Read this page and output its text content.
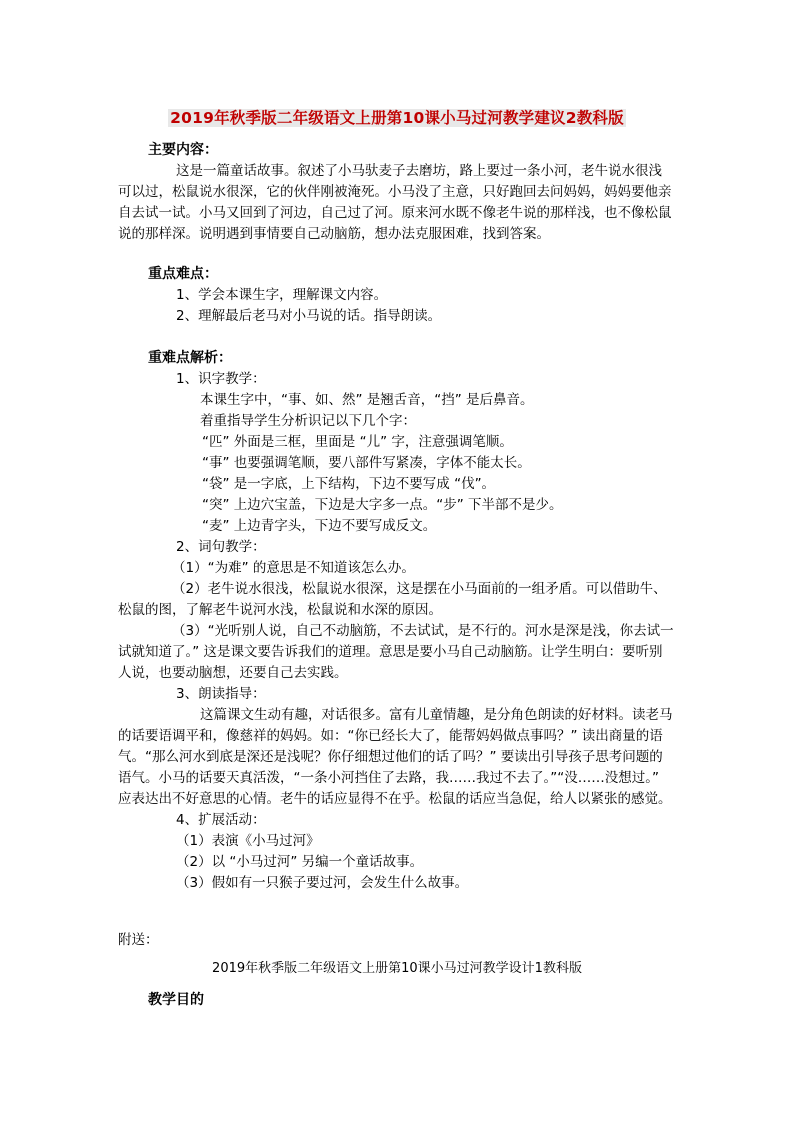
2019年秋季版二年级语文上册第10课小马过河教学建议2教科版

主要内容：

这是一篇童话故事。叙述了小马驮麦子去磨坊，路上要过一条小河，老牛说水很浅可以过，松鼠说水很深，它的伙伴刚被淹死。小马没了主意，只好跑回去问妈妈，妈妈要他亲自去试一试。小马又回到了河边，自己过了河。原来河水既不像老牛说的那样浅，也不像松鼠说的那样深。说明遇到事情要自己动脑筋，想办法克服困难，找到答案。

重点难点：

1、学会本课生字，理解课文内容。

2、理解最后老马对小马说的话。指导朗读。

重难点解析：

1、识字教学：

本课生字中，“事、如、然” 是翘舌音，“挡” 是后鼻音。

着重指导学生分析识记以下几个字：

“匹” 外面是三框，里面是 “儿” 字，注意强调笔顺。

“事” 也要强调笔顺，要八部件写紧凑，字体不能太长。

“袋” 是一字底，上下结构，下边不要写成 “伐”。

“突” 上边穴宝盖，下边是大字多一点。“步” 下半部不是少。

“麦” 上边青字头，下边不要写成反文。

2、词句教学：

（1）“为难” 的意思是不知道该怎么办。

（2）老牛说水很浅，松鼠说水很深，这是摆在小马面前的一组矛盾。可以借助牛、松鼠的图，了解老牛说河水浅，松鼠说和水深的原因。

（3）“光听别人说，自己不动脑筋，不去试试，是不行的。河水是深是浅，你去试一试就知道了。” 这是课文要告诉我们的道理。意思是要小马自己动脑筋。让学生明白：要听别人说，也要动脑想，还要自己去实践。

3、朗读指导：

这篇课文生动有趣，对话很多。富有儿童情趣，是分角色朗读的好材料。读老马的话要语调平和，像慈祥的妈妈。如：“你已经长大了，能帮妈妈做点事吗？” 读出商量的语气。“那么河水到底是深还是浅呢？你仔细想过他们的话了吗？” 要读出引导孩子思考问题的语气。小马的话要天真活泼，“一条小河挡住了去路，我……我过不去了。”“没……没想过。” 应表达出不好意思的心情。老牛的话应显得不在乎。松鼠的话应当急促，给人以紧张的感觉。

4、扩展活动：

（1）表演《小马过河》

（2）以 “小马过河” 另编一个童话故事。

（3）假如有一只猴子要过河，会发生什么故事。

附送：
2019年秋季版二年级语文上册第10课小马过河教学设计1教科版
教学目的
